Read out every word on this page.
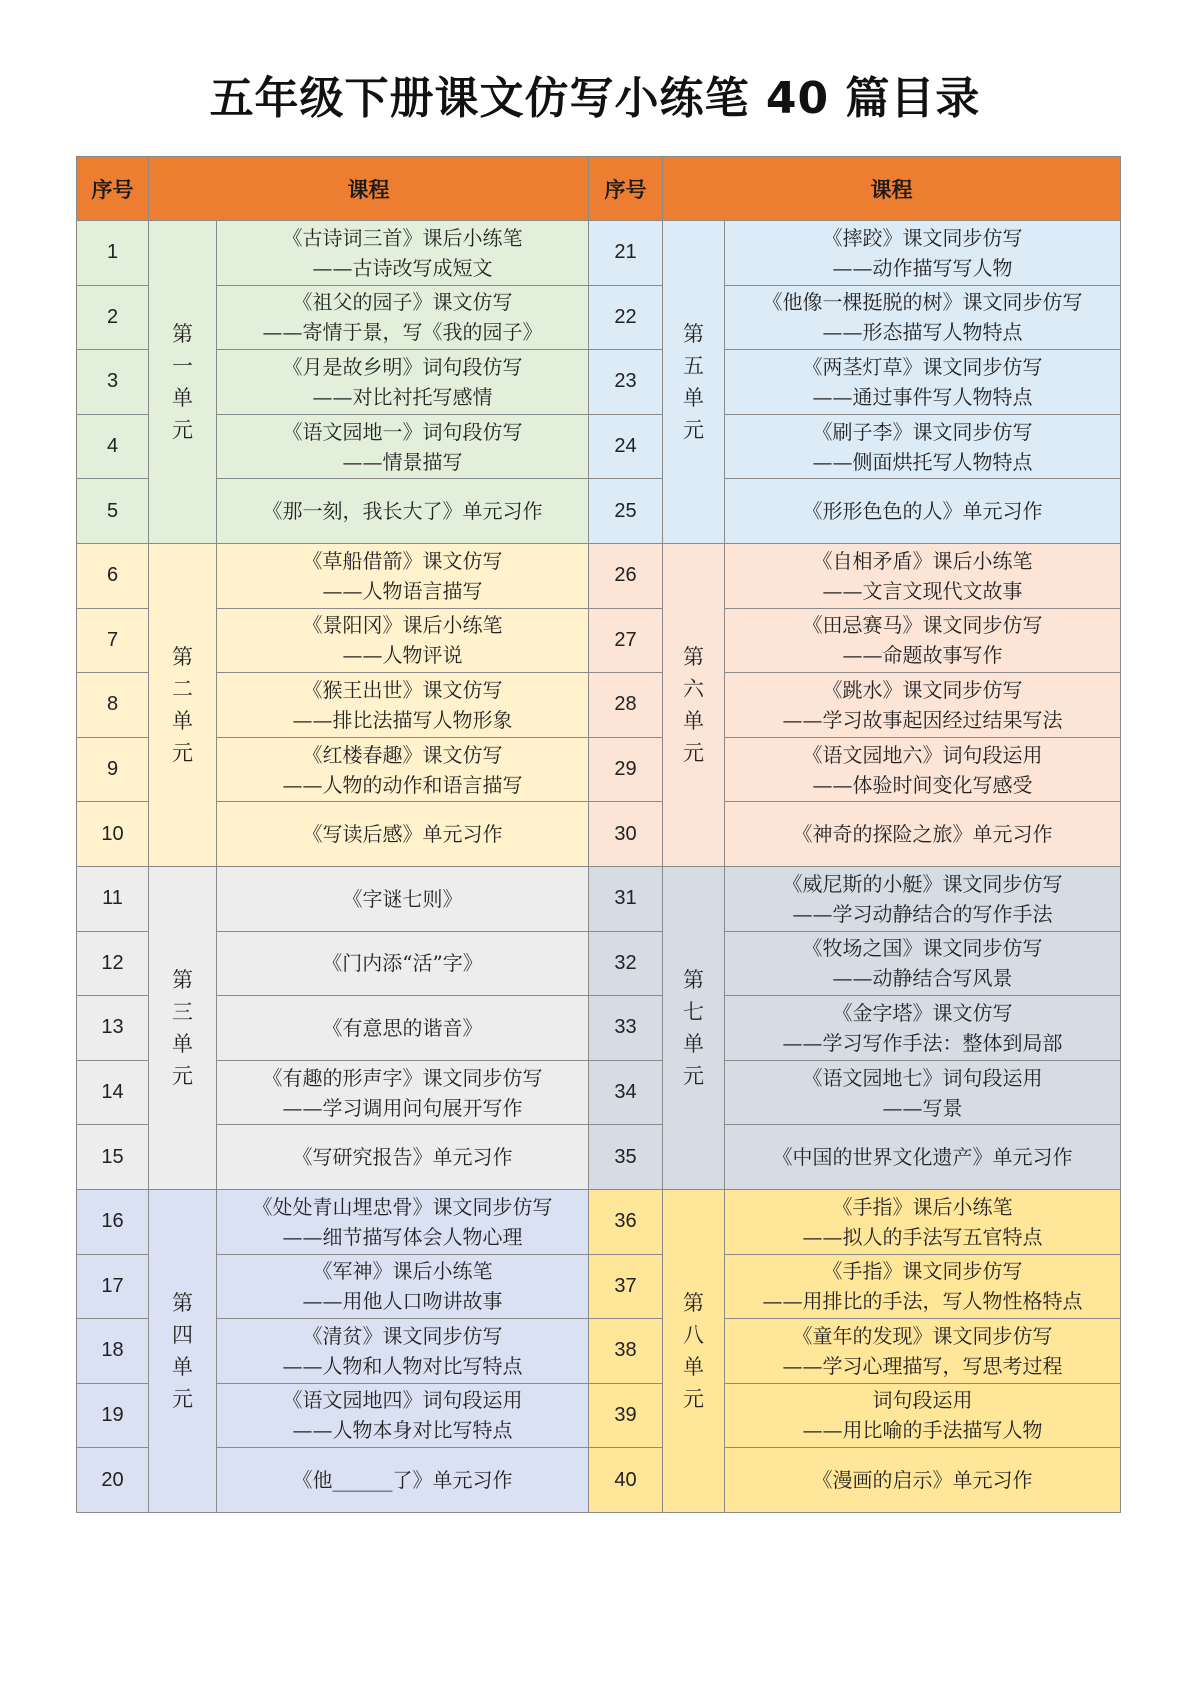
五年级下册课文仿写小练笔 40 篇目录
序号	课程		序号	课程	
1	第
一
单
元	《古诗词三首》课后小练笔
——古诗改写成短文	21	第
五
单
元	《摔跤》课文同步仿写
——动作描写写人物

2		《祖父的园子》课文仿写
——寄情于景，写《我的园子》	22		《他像一棵挺脱的树》课文同步仿写
——形态描写人物特点

3		《月是故乡明》词句段仿写
——对比衬托写感情	23		《两茎灯草》课文同步仿写
——通过事件写人物特点

4		《语文园地一》词句段仿写
——情景描写	24		《刷子李》课文同步仿写
——侧面烘托写人物特点

5		《那一刻，我长大了》单元习作	25		《形形色色的人》单元习作

6	第
二
单
元	《草船借箭》课文仿写
——人物语言描写	26	第
六
单
元	《自相矛盾》课后小练笔
——文言文现代文故事

7		《景阳冈》课后小练笔
——人物评说	27		《田忌赛马》课文同步仿写
——命题故事写作

8		《猴王出世》课文仿写
——排比法描写人物形象	28		《跳水》课文同步仿写
——学习故事起因经过结果写法

9		《红楼春趣》课文仿写
——人物的动作和语言描写	29		《语文园地六》词句段运用
——体验时间变化写感受

10		《写读后感》单元习作	30		《神奇的探险之旅》单元习作

11	第
三
单
元	《字谜七则》	31	第
七
单
元	《威尼斯的小艇》课文同步仿写
——学习动静结合的写作手法

12		《门内添“活”字》	32		《牧场之国》课文同步仿写
——动静结合写风景

13		《有意思的谐音》	33		《金字塔》课文仿写
——学习写作手法：整体到局部

14		《有趣的形声字》课文同步仿写
——学习调用问句展开写作	34		《语文园地七》词句段运用
——写景

15		《写研究报告》单元习作	35		《中国的世界文化遗产》单元习作

16	第
四
单
元	《处处青山埋忠骨》课文同步仿写
——细节描写体会人物心理	36	第
八
单
元	《手指》课后小练笔
——拟人的手法写五官特点

17		《军神》课后小练笔
——用他人口吻讲故事	37		《手指》课文同步仿写
——用排比的手法，写人物性格特点

18		《清贫》课文同步仿写
——人物和人物对比写特点	38		《童年的发现》课文同步仿写
——学习心理描写，写思考过程

19		《语文园地四》词句段运用
——人物本身对比写特点	39		词句段运用
——用比喻的手法描写人物

20		《他______了》单元习作	40		《漫画的启示》单元习作
